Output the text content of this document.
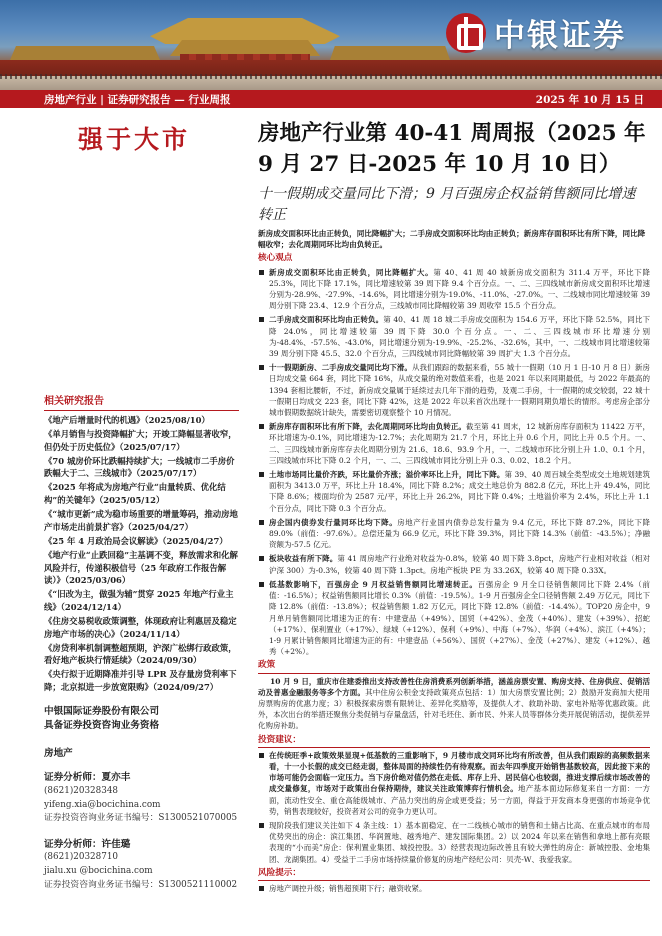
中银证券
房地产行业 | 证券研究报告 — 行业周报	2025 年 10 月 15 日
强于大市
相关研究报告

《地产后增量时代的机遇》（2025/08/10）

《单月销售与投资降幅扩大；开竣工降幅显著收窄，但仍处于历史低位》（2025/07/17）

《70 城房价环比跌幅持续扩大；一线城市二手房价跌幅大于二、三线城市》（2025/07/17）

《2025 年将成为房地产行业“由量转质、优化结构”的关键年》（2025/05/12）

《“城市更新”成为稳市场重要的增量筹码，推动房地产市场走出前景扩容》（2025/04/27）

《25 年 4 月政治局会议解读》（2025/04/27）

《地产行业“止跌回稳”主基调不变，释放需求和化解风险并行，传递积极信号（25 年政府工作报告解读）》（2025/03/06）

《“旧改为主，做强为辅”贯穿 2025 年地产行业主线》（2024/12/14）

《住房交易税收政策调整，体现政府让利惠居及稳定房地产市场的决心》（2024/11/14）

《房贷利率机制调整超预期，沪深广松绑行政政策，看好地产板块行情延续》（2024/09/30）

《央行拟于近期降准并引导 LPR 及存量房贷利率下降；北京拟进一步放宽限购》（2024/09/27）

中银国际证券股份有限公司
具备证券投资咨询业务资格
房地产
证券分析师：夏亦丰
(8621)20328348
yifeng.xia@bocichina.com
证券投资咨询业务证书编号：S1300521070005
证券分析师：许佳璐
(8621)20328710
jialu.xu @bocichina.com
证券投资咨询业务证书编号：S1300521110002
房地产行业第 40-41 周周报（2025 年 9 月 27 日-2025 年 10 月 10 日）
十一假期成交量同比下滑；9 月百强房企权益销售额同比增速转正
新房成交面积环比由正转负，同比降幅扩大；二手房成交面积环比均由正转负；新房库存面积环比有所下降，同比降幅收窄；去化周期同环比均由负转正。
核心观点
新房成交面积环比由正转负，同比降幅扩大。第 40、41 周 40 城新房成交面积为 311.4 万平，环比下降 25.3%，同比下降 17.1%，同比增速较第 39 周下降 9.4 个百分点。一、二、三四线城市新房成交面积环比增速分别为-28.9%、-27.9%、-14.6%，同比增速分别为-19.0%、-11.0%、-27.0%。一、二线城市同比增速较第 39 周分别下降 23.4、12.9 个百分点，三线城市同比降幅较第 39 周收窄 15.5 个百分点。
二手房成交面积环比均由正转负。第 40、41 周 18 城二手房成交面积为 154.6 万平，环比下降 52.5%，同比下降 24.0%，同比增速较第 39 周下降 30.0 个百分点。一、二、三四线城市环比增速分别为-48.4%、-57.5%、-43.0%，同比增速分别为-19.9%、-25.2%、-32.6%，其中，一、二线城市同比增速较第 39 周分别下降 45.5、32.0 个百分点，三四线城市同比降幅较第 39 周扩大 1.3 个百分点。
十一假期新房、二手房成交量同比均下滑。从我们跟踪的数据来看，55 城十一假期（10 月 1 日-10 月 8 日）新房日均成交量 664 套，同比下降 16%，从成交量的绝对数值来看，也是 2021 年以来同期最低，与 2022 年最高的 1394 套相比腰斩，不过，新房成交量属于延续过去几年下滑的趋势，及观二手房，十一假期的成交较弱，22 城十一假期日均成交 223 套，同比下降 42%，这是 2022 年以来首次出现十一假期同期负增长的情形。考虑房企部分城市假期数据统计缺失，需要密切观察整个 10 月情况。
新房库存面积环比有所下降，去化周期同环比均由负转正。截至第 41 周末，12 城新房库存面积为 11422 万平，环比增速为-0.1%，同比增速为-12.7%；去化周期为 21.7 个月，环比上升 0.6 个月，同比上升 0.5 个月。一、二、三四线城市新房库存去化周期分别为 21.6、18.6、93.9 个月，一、二线城市环比分别上升 1.0、0.1 个月，三四线城市环比下降 0.2 个月，一、二、三四线城市同比分别上升 0.3、0.02、18.2 个月。
土地市场同比量价齐跌，环比量价齐涨；溢价率环比上升，同比下降。第 39、40 周百城全类型成交土地规划建筑面积为 3413.0 万平，环比上升 18.4%，同比下降 8.2%；成交土地总价为 882.8 亿元，环比上升 49.4%，同比下降 8.6%；楼面均价为 2587 元/平，环比上升 26.2%，同比下降 0.4%；土地溢价率为 2.4%，环比上升 1.1 个百分点，同比下降 0.3 个百分点。
房企国内债券发行量同环比均下降。房地产行业国内债券总发行量为 9.4 亿元，环比下降 87.2%，同比下降 89.0%（前值：-97.6%）。总偿还量为 66.9 亿元，环比下降 39.3%，同比下降 14.3%（前值：-43.5%）；净融资额为-57.5 亿元。
板块收益有所下降。第 41 周房地产行业绝对收益为-0.8%，较第 40 周下降 3.8pct，房地产行业相对收益（相对沪深 300）为-0.3%，较第 40 周下降 1.3pct。房地产板块 PE 为 33.26X，较第 40 周下降 0.33X。
低基数影响下，百强房企 9 月权益销售额同比增速转正。百强房企 9 月全口径销售额同比下降 2.4%（前值：-16.5%）；权益销售额同比增长 0.3%（前值：-19.5%）。1-9 月百强房企全口径销售额 2.49 万亿元，同比下降 12.8%（前值：-13.8%）；权益销售额 1.82 万亿元，同比下降 12.8%（前值：-14.4%）。TOP20 房企中，9 月单月销售额同比增速为正的有：中建壹品（+49%）、国贸（+42%）、金茂（+40%）、建发（+39%）、招蛇（+17%）、保利置业（+17%）、绿城（+12%）、保利（+9%）、中海（+7%）、华润（+4%）、滨江（+4%）；1-9 月累计销售额同比增速为正的有：中建壹品（+56%）、国贸（+27%）、金茂（+27%）、建发（+12%）、越秀（+2%）。
政策
10 月 9 日，重庆市住建委推出支持改善性住房消费系列创新举措，涵盖房票安置、购房支持、住房供应、促销活动及普惠金融服务等多个方面。其中住房公积金支持政策亮点包括：1）加大房票安置比例；2）鼓励开发商加大使用房票购房的优惠力度；3）积极探索房票有限转让、差异化奖励等，及提供人才、救助补助、家电补贴等优惠政策。此外，本次出台的举措还聚焦分类促销与存量盘活，针对毛坯住、新市民、外来人员等群体分类开展促销活动，提供差异化购房补助。
投资建议：
在传统旺季+政策效果显现+低基数的三重影响下，9 月楼市成交同环比均有所改善，但从我们跟踪的高频数据来看，十一小长假的成交已经走弱，整体局面的持续性仍有待观察。而去年四季度开始销售基数较高，因此接下来的市场可能仍会面临一定压力。当下房价绝对值仍然在走低、库存上升、居民信心也较弱，推进支撑后续市场改善的成交量修复，市场对于政策出台保持期待，建议关注政策博弈行情机会。地产基本面边际修复来自一方面：一方面，流动性安全、重仓高能级城市、产品力突出的房企或更受益；另一方面，得益于开发商本身更强的市场竞争优势，销售表现较好，投资者对公司的竞争力更认可。
现阶段我们建议关注如下 4 条主线：1）基本面稳定、在一二线核心城市的销售和土储占比高、在重点城市的布局优势突出的房企：滨江集团、华润置地、越秀地产、建发国际集团。2）以 2024 年以来在销售和拿地上都有亮眼表现的“小而美”房企：保利置业集团、城投控股。3）经营表现边际改善且有较大弹性的房企：新城控股、金地集团、龙湖集团。4）受益于二手房市场持续量价修复的房地产经纪公司：贝壳-W、我爱我家。
风险提示：
房地产调控升级；销售超预期下行；融资收紧。
